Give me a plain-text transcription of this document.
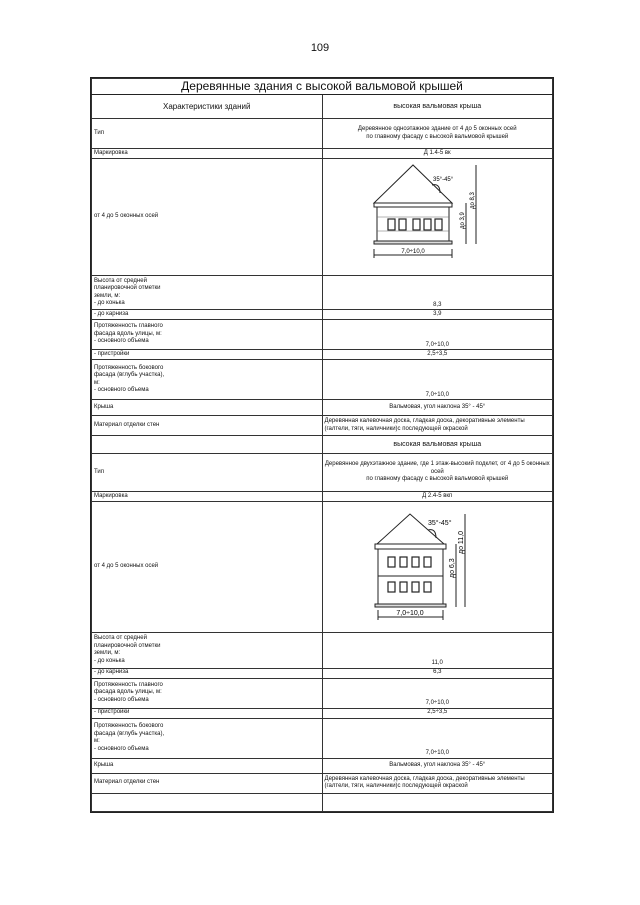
109
Деревянные здания с высокой вальмовой крышей	
Характеристики зданий	высокая вальмовая крыша
Тип	Деревянное одноэтажное здание от 4 до 5 оконных осей
по главному фасаду с высокой вальмовой крышей

Маркировка	Д 1.4-5 вк
от 4 до 5 оконных осей	7,0÷10,0
35°-45°
до 3,9
до 8,3

Высота от средней
планировочной отметки
земли, м:
- до конька	8,3
- до карниза	3,9

Протяженность главного
фасада вдоль улицы, м:
- основного объема	7,0÷10,0
- пристройки	2,5÷3,5

Протяженность бокового
фасада (вглубь участка),
м:
- основного объема	7,0÷10,0
Крыша	Вальмовая, угол наклона 35° - 45°
Материал отделки стен	Деревянная калевочная доска, гладкая доска, декоративные элементы
(галтели, тяги, наличники)с последующей окраской

	высокая вальмовая крыша
Тип	Деревянное двухэтажное здание, где 1 этаж-высокий подклет, от 4 до 5 оконных осей
по главному фасаду с высокой вальмовой крышей

Маркировка	Д 2.4-5 вкп
от 4 до 5 оконных осей	7,0÷10,0
35°-45°
до 6,3
до 11,0

Высота от средней
планировочной отметки
земли, м:
- до конька	11,0
- до карниза	6,3

Протяженность главного
фасада вдоль улицы, м:
- основного объема	7,0÷10,0
- пристройки	2,5÷3,5

Протяженность бокового
фасада (вглубь участка),
м:
- основного объема	7,0÷10,0
Крыша	Вальмовая, угол наклона 35° - 45°
Материал отделки стен	Деревянная калевочная доска, гладкая доска, декоративные элементы
(галтели, тяги, наличники)с последующей окраской
